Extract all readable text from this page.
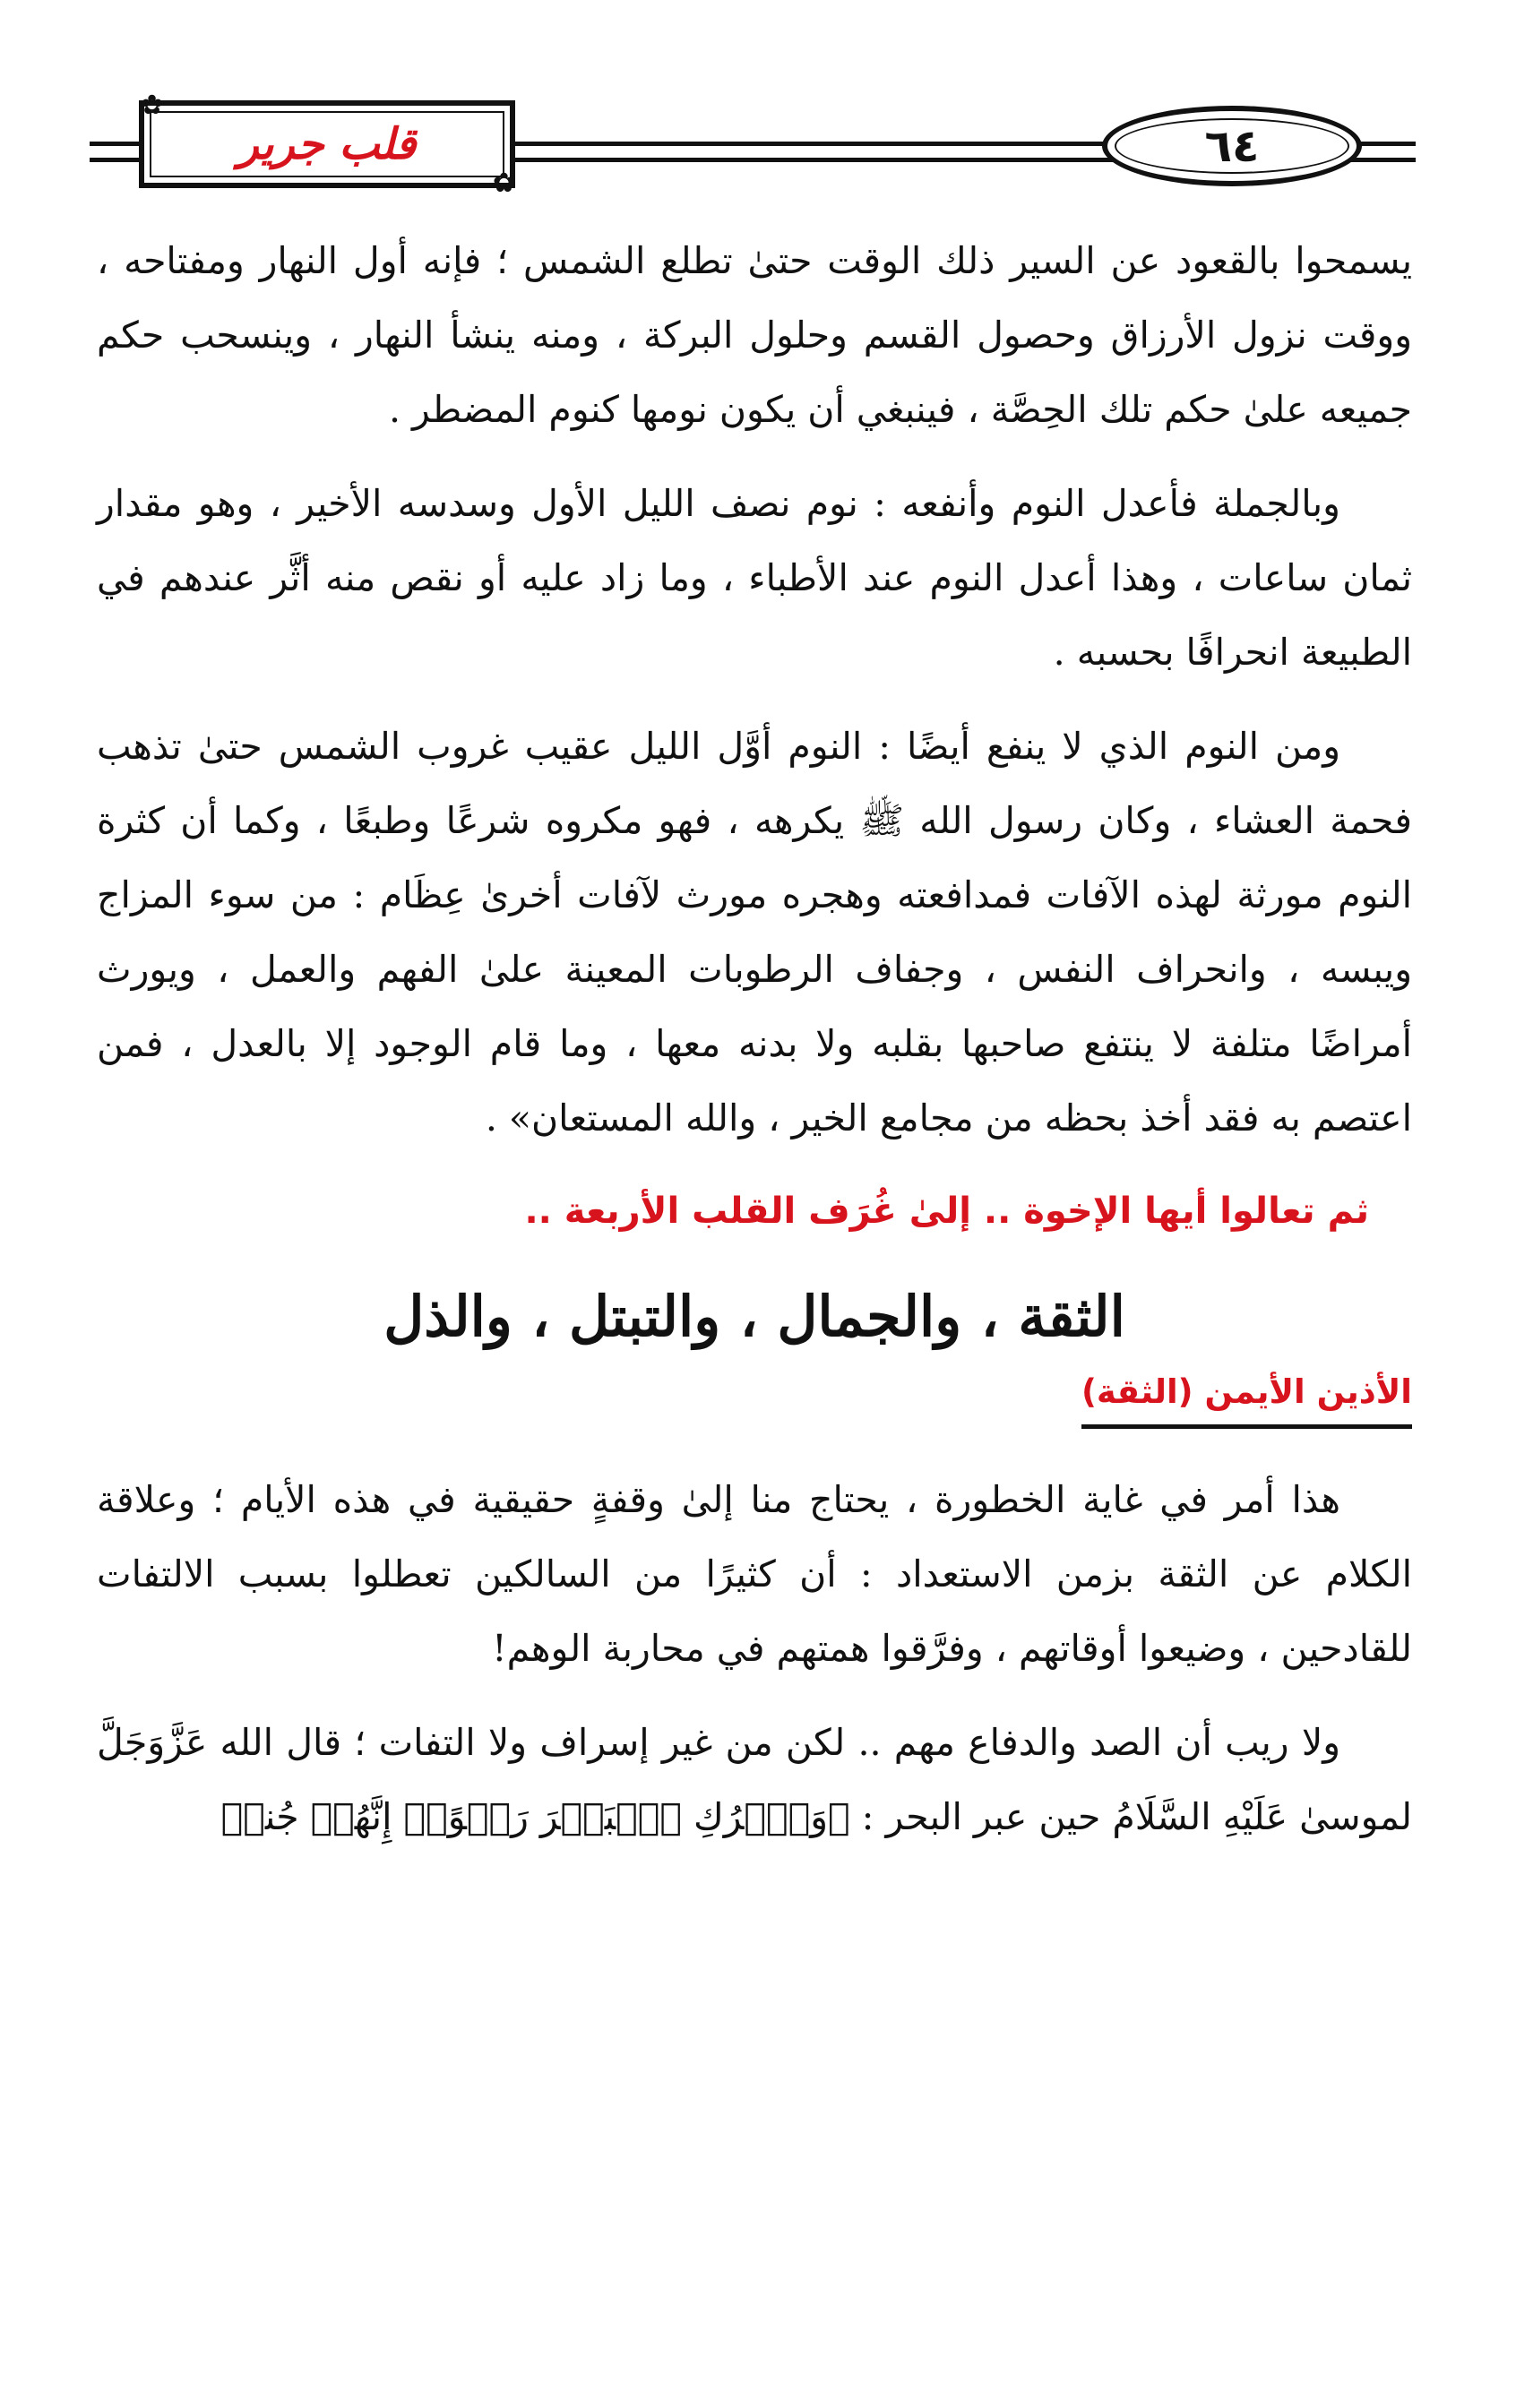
✿
قلب جرير
✿
٦٤

يسمحوا بالقعود عن السير ذلك الوقت حتىٰ تطلع الشمس ؛ فإنه أول النهار ومفتاحه ، ووقت نزول الأرزاق وحصول القسم وحلول البركة ، ومنه ينشأ النهار ، وينسحب حكم جميعه علىٰ حكم تلك الحِصَّة ، فينبغي أن يكون نومها كنوم المضطر .

وبالجملة فأعدل النوم وأنفعه : نوم نصف الليل الأول وسدسه الأخير ، وهو مقدار ثمان ساعات ، وهذا أعدل النوم عند الأطباء ، وما زاد عليه أو نقص منه أثَّر عندهم في الطبيعة انحرافًا بحسبه .

ومن النوم الذي لا ينفع أيضًا : النوم أوَّل الليل عقيب غروب الشمس حتىٰ تذهب فحمة العشاء ، وكان رسول الله ﷺ يكرهه ، فهو مكروه شرعًا وطبعًا ، وكما أن كثرة النوم مورثة لهذه الآفات فمدافعته وهجره مورث لآفات أخرىٰ عِظَام : من سوء المزاج ويبسه ، وانحراف النفس ، وجفاف الرطوبات المعينة علىٰ الفهم والعمل ، ويورث أمراضًا متلفة لا ينتفع صاحبها بقلبه ولا بدنه معها ، وما قام الوجود إلا بالعدل ، فمن اعتصم به فقد أخذ بحظه من مجامع الخير ، والله المستعان» .

ثم تعالوا أيها الإخوة .. إلىٰ غُرَف القلب الأربعة ..
الثقة ، والجمال ، والتبتل ، والذل
الأذين الأيمن (الثقة)

هذا أمر في غاية الخطورة ، يحتاج منا إلىٰ وقفةٍ حقيقية في هذه الأيام ؛ وعلاقة الكلام عن الثقة بزمن الاستعداد : أن كثيرًا من السالكين تعطلوا بسبب الالتفات للقادحين ، وضيعوا أوقاتهم ، وفرَّقوا همتهم في محاربة الوهم!

ولا ريب أن الصد والدفاع مهم .. لكن من غير إسراف ولا التفات ؛ قال الله عَزَّوَجَلَّ لموسىٰ عَلَيْهِ السَّلَامُ حين عبر البحر : ﴿وَٱتۡرُكِ ٱلۡبَحۡرَ رَهۡوًاۖ إِنَّهُمۡ جُندٞ
